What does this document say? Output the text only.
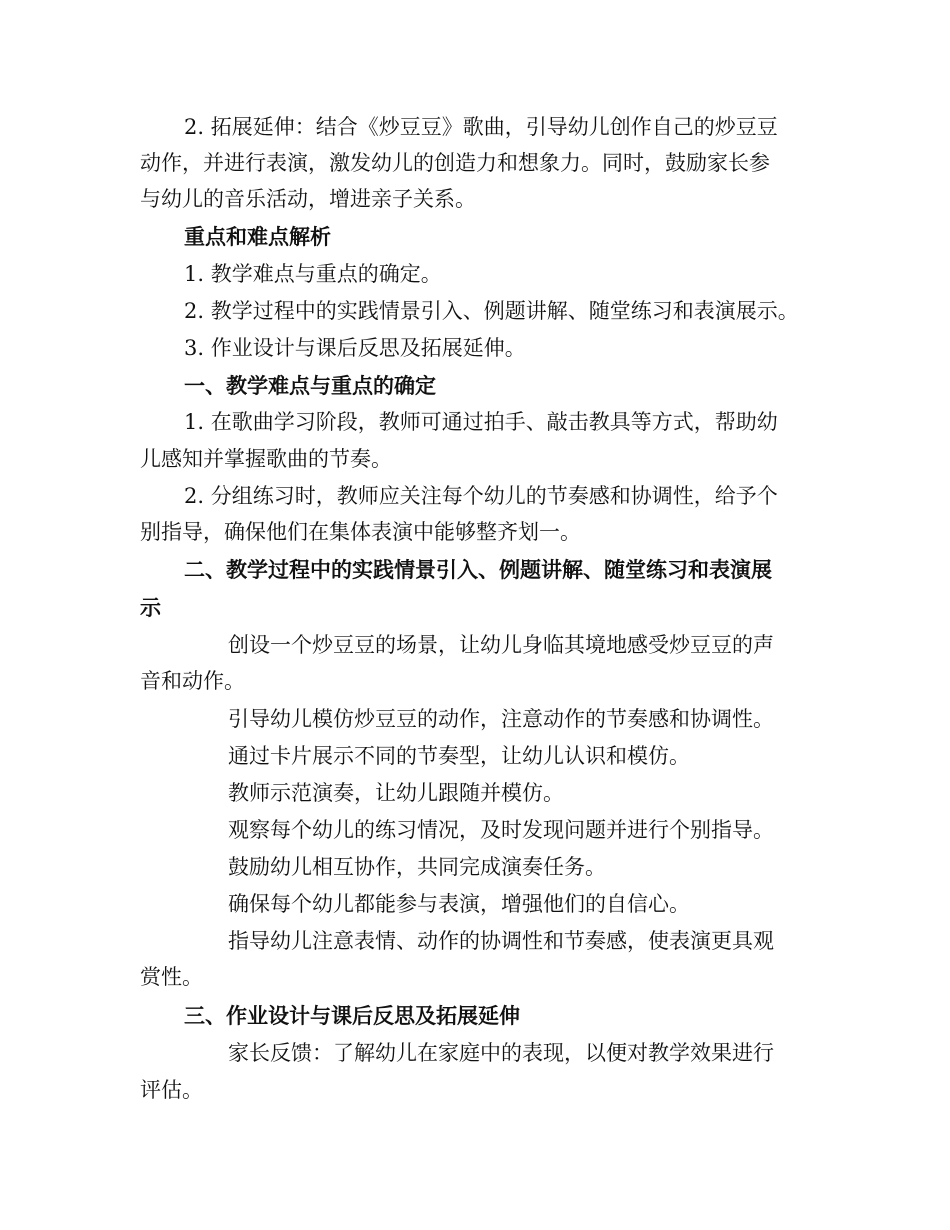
2. 拓展延伸：结合《炒豆豆》歌曲，引导幼儿创作自己的炒豆豆
动作，并进行表演，激发幼儿的创造力和想象力。同时，鼓励家长参
与幼儿的音乐活动，增进亲子关系。
重点和难点解析
1. 教学难点与重点的确定。
2. 教学过程中的实践情景引入、例题讲解、随堂练习和表演展示。
3. 作业设计与课后反思及拓展延伸。
一、教学难点与重点的确定
1. 在歌曲学习阶段，教师可通过拍手、敲击教具等方式，帮助幼
儿感知并掌握歌曲的节奏。
2. 分组练习时，教师应关注每个幼儿的节奏感和协调性，给予个
别指导，确保他们在集体表演中能够整齐划一。
二、教学过程中的实践情景引入、例题讲解、随堂练习和表演展
示
创设一个炒豆豆的场景，让幼儿身临其境地感受炒豆豆的声
音和动作。
引导幼儿模仿炒豆豆的动作，注意动作的节奏感和协调性。
通过卡片展示不同的节奏型，让幼儿认识和模仿。
教师示范演奏，让幼儿跟随并模仿。
观察每个幼儿的练习情况，及时发现问题并进行个别指导。
鼓励幼儿相互协作，共同完成演奏任务。
确保每个幼儿都能参与表演，增强他们的自信心。
指导幼儿注意表情、动作的协调性和节奏感，使表演更具观
赏性。
三、作业设计与课后反思及拓展延伸
家长反馈：了解幼儿在家庭中的表现，以便对教学效果进行
评估。
